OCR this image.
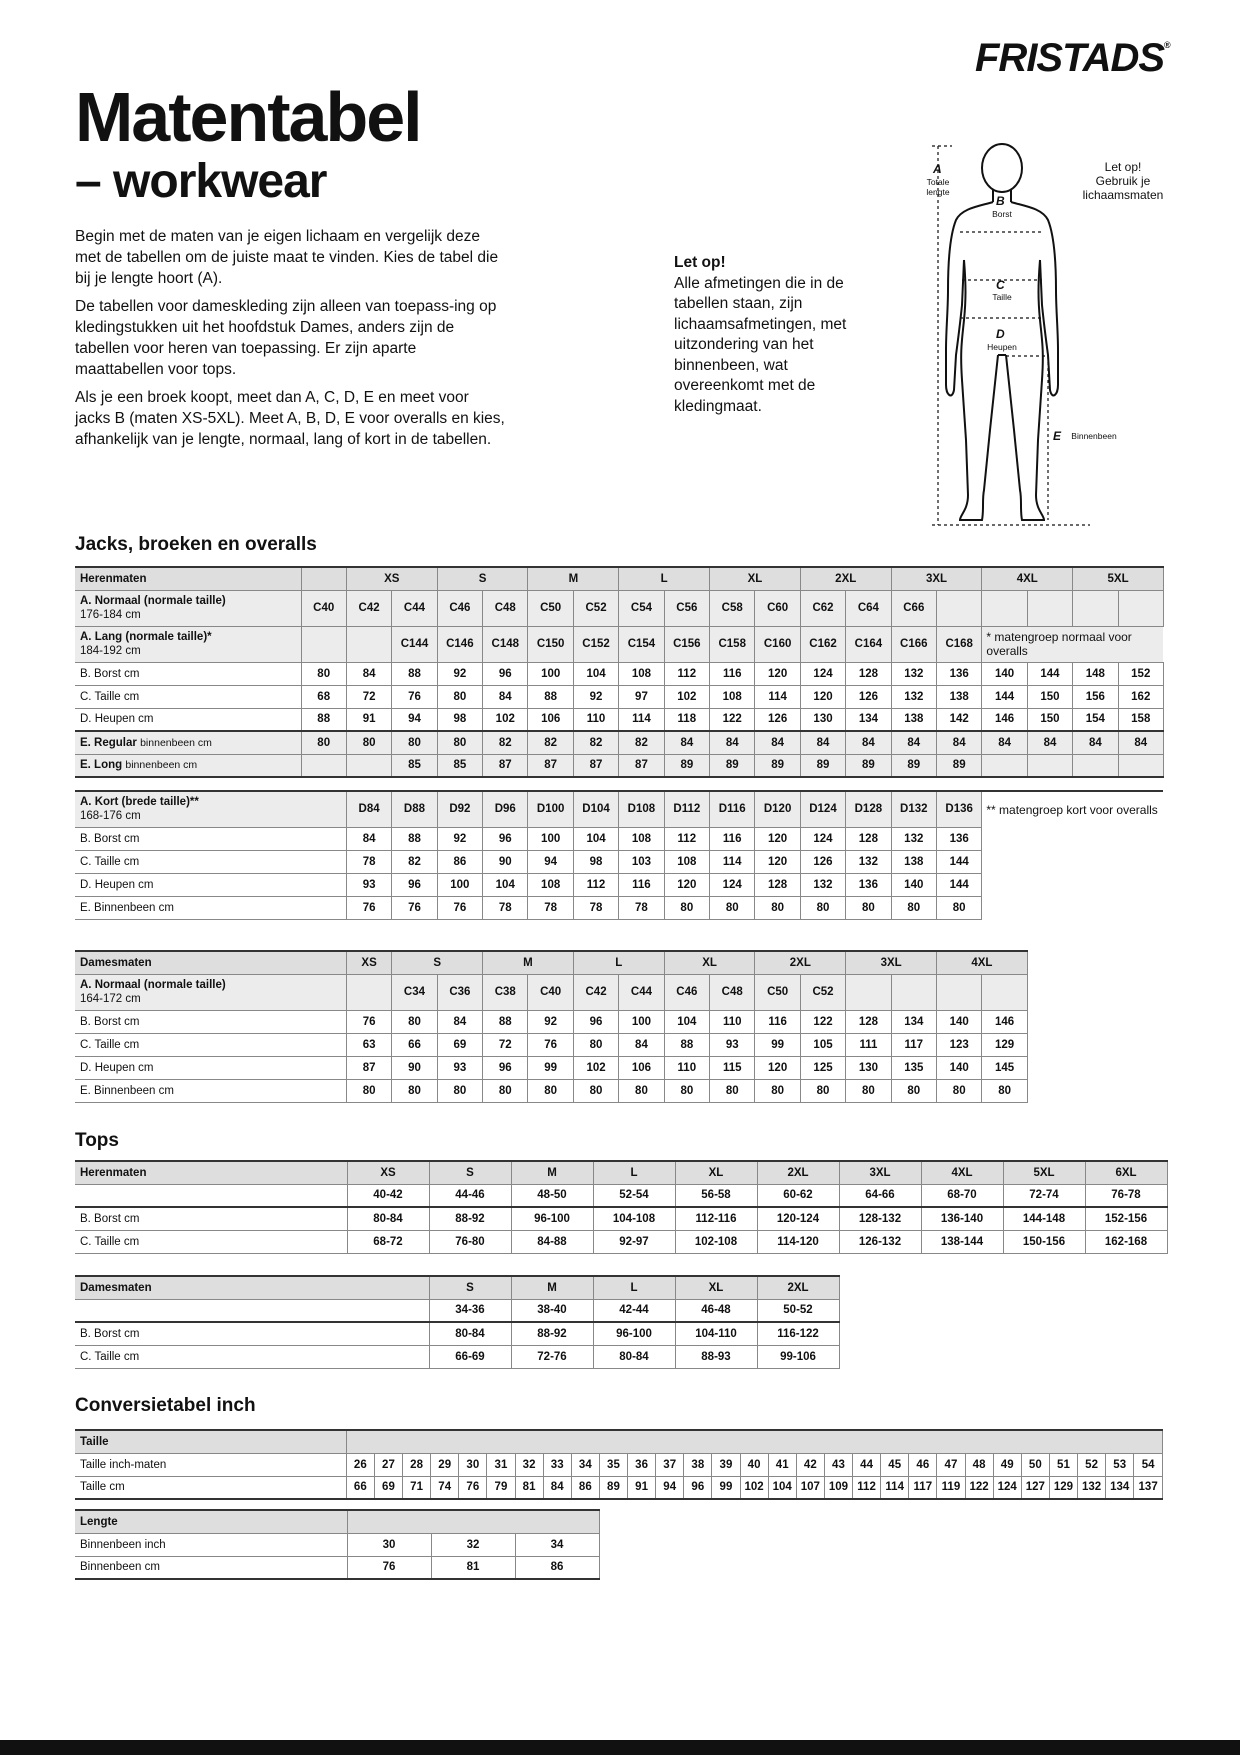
FRISTADS®
Matentabel
– workwear

Begin met de maten van je eigen lichaam en vergelijk deze met de tabellen om de juiste maat te vinden. Kies de tabel die bij je lengte hoort (A).

De tabellen voor dameskleding zijn alleen van toepass-ing op kledingstukken uit het hoofdstuk Dames, anders zijn de tabellen voor heren van toepassing. Er zijn aparte maattabellen voor tops.

Als je een broek koopt, meet dan A, C, D, E en meet voor jacks B (maten XS-5XL). Meet A, B, D, E voor overalls en kies, afhankelijk van je lengte, normaal, lang of kort in de tabellen.

Let op!
Alle afmetingen die in de tabellen staan, zijn lichaamsafmetingen, met uitzondering van het binnenbeen, wat overeenkomt met de kledingmaat.
Let op!
Gebruik je
lichaamsmaten
A
Totale
lengte
B
Borst
C
Taille
D
Heupen
E	Binnenbeen
Jacks, broeken en overalls
Herenmaten		XS		S		M		L		XL		2XL		3XL		4XL		5XL	
A. Normaal (normale taille)
176-184 cm	C40	C42	C44	C46	C48	C50	C52	C54	C56	C58	C60	C62	C64	C66					
A. Lang (normale taille)*
184-192 cm			C144	C146	C148	C150	C152	C154	C156	C158	C160	C162	C164	C166	C168	* matengroep normaal voor overalls			
B. Borst cm	80	84	88	92	96	100	104	108	112	116	120	124	128	132	136	140	144	148	152
C. Taille cm	68	72	76	80	84	88	92	97	102	108	114	120	126	132	138	144	150	156	162
D. Heupen cm	88	91	94	98	102	106	110	114	118	122	126	130	134	138	142	146	150	154	158
E. Regular binnenbeen cm	80	80	80	80	82	82	82	82	84	84	84	84	84	84	84	84	84	84	84
E. Long binnenbeen cm			85	85	87	87	87	87	89	89	89	89	89	89	89				
A. Kort (brede taille)**
168-176 cm	D84	D88	D92	D96	D100	D104	D108	D112	D116	D120	D124	D128	D132	D136	** matengroep kort voor overalls
B. Borst cm	84	88	92	96	100	104	108	112	116	120	124	128	132	136	
C. Taille cm	78	82	86	90	94	98	103	108	114	120	126	132	138	144	
D. Heupen cm	93	96	100	104	108	112	116	120	124	128	132	136	140	144	
E. Binnenbeen cm	76	76	76	78	78	78	78	80	80	80	80	80	80	80	
Damesmaten	XS	S		M		L		XL		2XL		3XL		4XL	
A. Normaal (normale taille)
164-172 cm		C34	C36	C38	C40	C42	C44	C46	C48	C50	C52				
B. Borst cm	76	80	84	88	92	96	100	104	110	116	122	128	134	140	146
C. Taille cm	63	66	69	72	76	80	84	88	93	99	105	111	117	123	129
D. Heupen cm	87	90	93	96	99	102	106	110	115	120	125	130	135	140	145
E. Binnenbeen cm	80	80	80	80	80	80	80	80	80	80	80	80	80	80	80
Tops
Herenmaten	XS	S	M	L	XL	2XL	3XL	4XL	5XL	6XL
	40-42	44-46	48-50	52-54	56-58	60-62	64-66	68-70	72-74	76-78
B. Borst cm	80-84	88-92	96-100	104-108	112-116	120-124	128-132	136-140	144-148	152-156
C. Taille cm	68-72	76-80	84-88	92-97	102-108	114-120	126-132	138-144	150-156	162-168
Damesmaten	S	M	L	XL	2XL
	34-36	38-40	42-44	46-48	50-52
B. Borst cm	80-84	88-92	96-100	104-110	116-122
C. Taille cm	66-69	72-76	80-84	88-93	99-106
Conversietabel inch
Taille																													
Taille inch-maten	26	27	28	29	30	31	32	33	34	35	36	37	38	39	40	41	42	43	44	45	46	47	48	49	50	51	52	53	54
Taille cm	66	69	71	74	76	79	81	84	86	89	91	94	96	99	102	104	107	109	112	114	117	119	122	124	127	129	132	134	137
Lengte			
Binnenbeen inch	30	32	34
Binnenbeen cm	76	81	86
